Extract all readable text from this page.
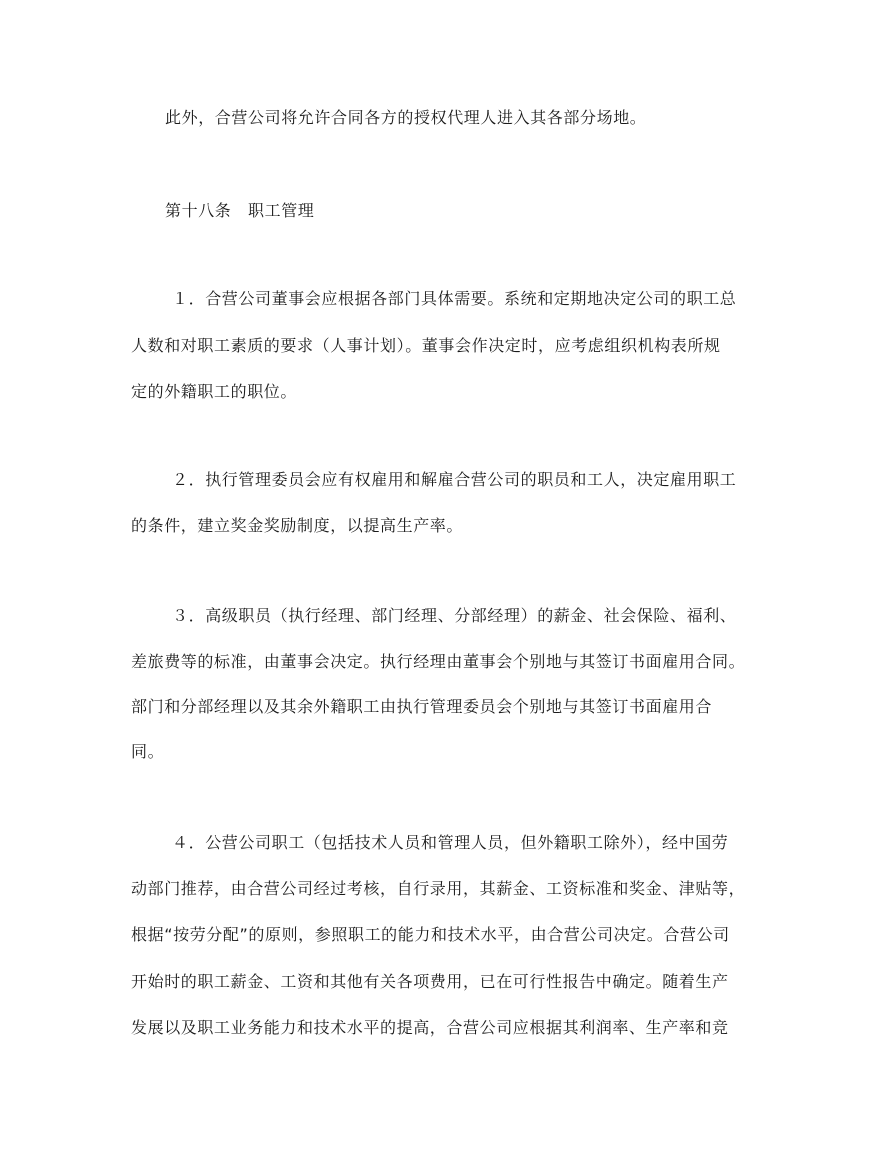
此外，合营公司将允许合同各方的授权代理人进入其各部分场地。
第十八条　职工管理
１．合营公司董事会应根据各部门具体需要。系统和定期地决定公司的职工总
人数和对职工素质的要求（人事计划）。董事会作决定时，应考虑组织机构表所规
定的外籍职工的职位。
２．执行管理委员会应有权雇用和解雇合营公司的职员和工人，决定雇用职工
的条件，建立奖金奖励制度，以提高生产率。
３．高级职员（执行经理、部门经理、分部经理）的薪金、社会保险、福利、
差旅费等的标准，由董事会决定。执行经理由董事会个别地与其签订书面雇用合同。
部门和分部经理以及其余外籍职工由执行管理委员会个别地与其签订书面雇用合
同。
４．公营公司职工（包括技术人员和管理人员，但外籍职工除外），经中国劳
动部门推荐，由合营公司经过考核，自行录用，其薪金、工资标准和奖金、津贴等，
根据“按劳分配”的原则，参照职工的能力和技术水平，由合营公司决定。合营公司
开始时的职工薪金、工资和其他有关各项费用，已在可行性报告中确定。随着生产
发展以及职工业务能力和技术水平的提高，合营公司应根据其利润率、生产率和竞
